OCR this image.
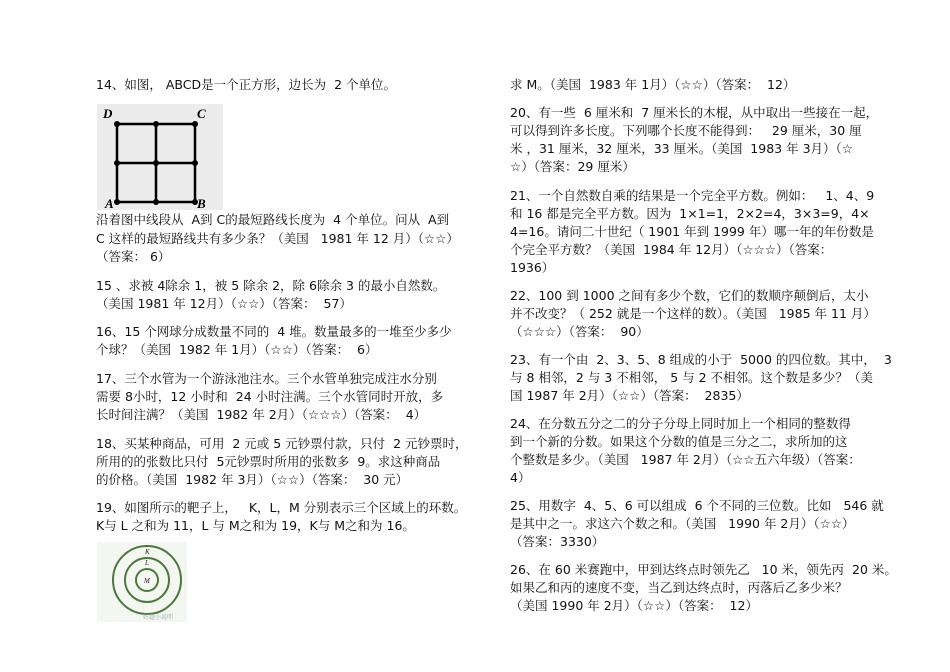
14、如图， ABCD是一个正方形，边长为  2 个单位。
D	C
A	B
沿着图中线段从  A到 C的最短路线长度为  4 个单位。问从  A到
C 这样的最短路线共有多少条？（美国   1981 年 12 月）（☆☆）
（答案： 6）
15 、求被 4除余 1，被 5 除余 2，除 6除余 3 的最小自然数。
（美国 1981 年 12月）（☆☆）（答案：  57）
16、15 个网球分成数量不同的  4 堆。数量最多的一堆至少多少
个球？（美国  1982 年 1月）（☆☆）（答案：  6）
17、三个水管为一个游泳池注水。三个水管单独完成注水分别
需要 8小时，12 小时和  24 小时注满。三个水管同时开放，多
长时间注满？（美国  1982 年 2月）（☆☆☆）（答案：  4）
18、买某种商品，可用  2 元或 5 元钞票付款，只付  2 元钞票时，
所用的的张数比只付  5元钞票时所用的张数多  9。求这种商品
的价格。（美国  1982 年 3月）（☆☆）（答案：  30 元）
19、如图所示的靶子上，   K，L，M 分别表示三个区域上的环数。
K与 L 之和为 11，L 与 M之和为 19，K与 M之和为 16。
K
L
M
好题小说明
求 M。（美国  1983 年 1月）（☆☆）（答案：  12）
20、有一些  6 厘米和  7 厘米长的木棍，从中取出一些接在一起，
可以得到许多长度。下列哪个长度不能得到：   29 厘米，30 厘
米 ，31 厘米，32 厘米，33 厘米。（美国  1983 年 3月）（☆
☆）（答案：29 厘米）
21、一个自然数自乘的结果是一个完全平方数。例如：   1、4、9
和 16 都是完全平方数。因为  1×1=1，2×2=4，3×3=9，4×
4=16。请问二十世纪（ 1901 年到 1999 年）哪一年的年份数是
个完全平方数？（美国  1984 年 12月）（☆☆☆）（答案：
1936）
22、100 到 1000 之间有多少个数，它们的数顺序颠倒后，太小
并不改变？（ 252 就是一个这样的数）。（美国   1985 年 11 月）
（☆☆☆）（答案：  90）
23、有一个由  2、3、5、8 组成的小于  5000 的四位数。其中，  3
与 8 相邻，2 与 3 不相邻， 5 与 2 不相邻。这个数是多少？（美
国 1987 年 2月）（☆☆）（答案：  2835）
24、在分数五分之二的分子分母上同时加上一个相同的整数得
到一个新的分数。如果这个分数的值是三分之二，求所加的这
个整数是多少。（美国   1987 年 2月）（☆☆五六年级）（答案：
4）
25、用数字  4、5、6 可以组成  6 个不同的三位数。比如   546 就
是其中之一。求这六个数之和。（美国   1990 年 2月）（☆☆）
（答案：3330）
26、在 60 米赛跑中，甲到达终点时领先乙   10 米，领先丙  20 米。
如果乙和丙的速度不变，当乙到达终点时，丙落后乙多少米？
（美国 1990 年 2月）（☆☆）（答案：  12）
